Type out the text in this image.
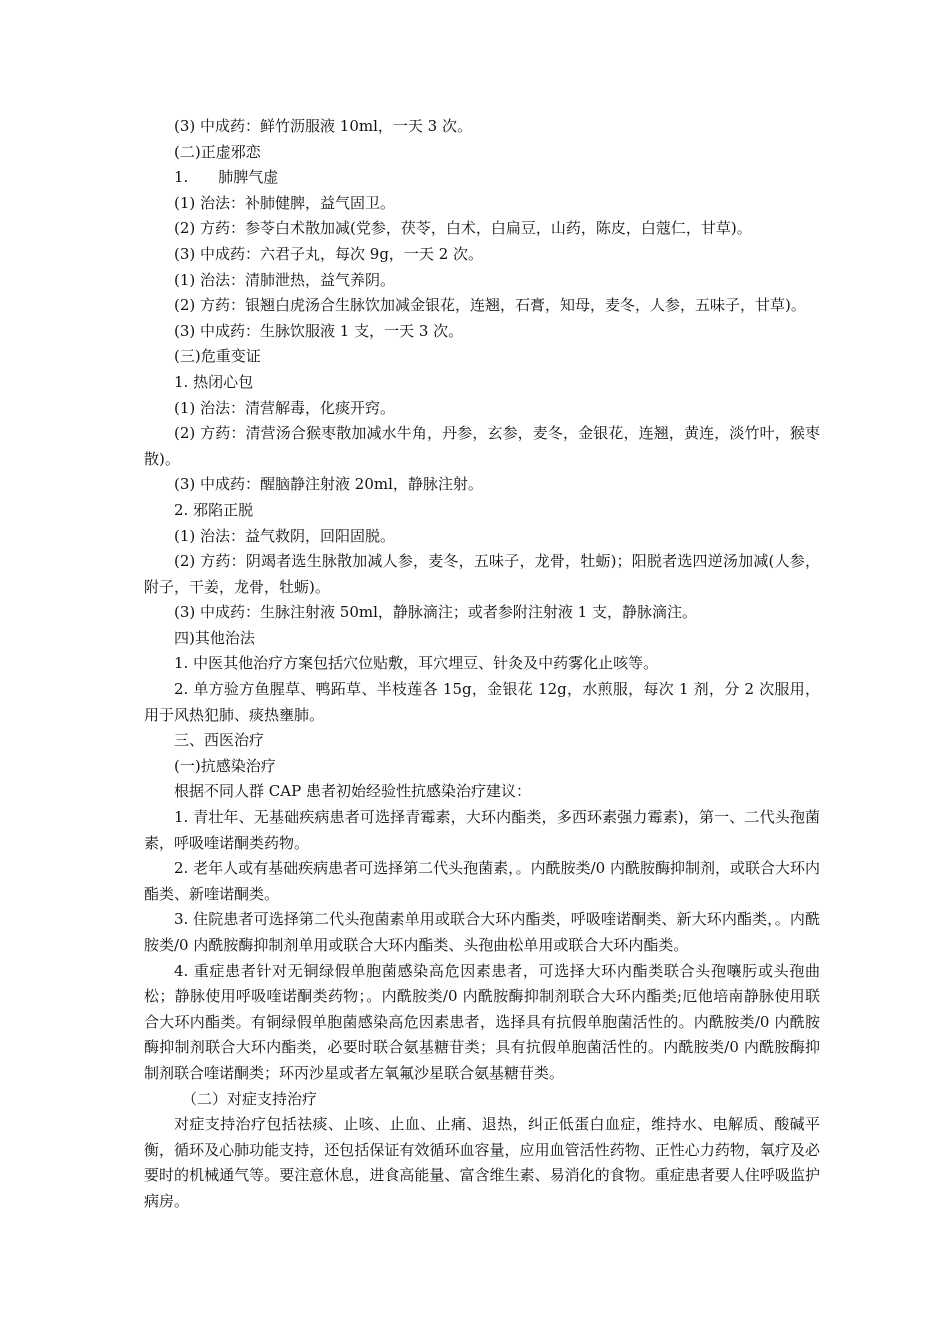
(3) 中成药：鲜竹沥服液 10ml，一天 3 次。

(二)正虚邪恋

1.　　肺脾气虚

(1) 治法：补肺健脾，益气固卫。

(2) 方药：参苓白术散加减(党参，茯苓，白术，白扁豆，山药，陈皮，白蔻仁，甘草)。

(3) 中成药：六君子丸，每次 9g，一天 2 次。

(1) 治法：清肺泄热，益气养阴。

(2) 方药：银翘白虎汤合生脉饮加减金银花，连翘，石膏，知母，麦冬，人参，五味子，甘草)。

(3) 中成药：生脉饮服液 1 支，一天 3 次。

(三)危重变证

1. 热闭心包

(1) 治法：清营解毒，化痰开窍。

(2) 方药：清营汤合猴枣散加减水牛角，丹参，玄参，麦冬，金银花，连翘，黄连，淡竹叶，猴枣散)。

(3) 中成药：醒脑静注射液 20ml，静脉注射。

2. 邪陷正脱

(1) 治法：益气救阴，回阳固脱。

(2) 方药：阴竭者选生脉散加减人参，麦冬，五味子，龙骨，牡蛎)；阳脱者选四逆汤加减(人参，附子，干姜，龙骨，牡蛎)。

(3) 中成药：生脉注射液 50ml，静脉滴注；或者参附注射液 1 支，静脉滴注。

四)其他治法

1. 中医其他治疗方案包括穴位贴敷，耳穴埋豆、针灸及中药雾化止咳等。

2. 单方验方鱼腥草、鸭跖草、半枝莲各 15g，金银花 12g，水煎服，每次 1 剂，分 2 次服用，用于风热犯肺、痰热壅肺。

三、西医治疗

(一)抗感染治疗

根据不同人群 CAP 患者初始经验性抗感染治疗建议：

1. 青壮年、无基础疾病患者可选择青霉素，大环内酯类，多西环素强力霉素)，第一、二代头孢菌素，呼吸喹诺酮类药物。

2. 老年人或有基础疾病患者可选择第二代头孢菌素，。内酰胺类/0 内酰胺酶抑制剂，或联合大环内酯类、新喹诺酮类。

3. 住院患者可选择第二代头孢菌素单用或联合大环内酯类，呼吸喹诺酮类、新大环内酯类，。内酰胺类/0 内酰胺酶抑制剂单用或联合大环内酯类、头孢曲松单用或联合大环内酯类。

4. 重症患者针对无铜绿假单胞菌感染高危因素患者，可选择大环内酯类联合头孢嚷肟或头孢曲松；静脉使用呼吸喹诺酮类药物；。内酰胺类/0 内酰胺酶抑制剂联合大环内酯类;厄他培南静脉使用联合大环内酯类。有铜绿假单胞菌感染高危因素患者，选择具有抗假单胞菌活性的。内酰胺类/0 内酰胺酶抑制剂联合大环内酯类，必要时联合氨基糖苷类；具有抗假单胞菌活性的。内酰胺类/0 内酰胺酶抑制剂联合喹诺酮类；环丙沙星或者左氧氟沙星联合氨基糖苷类。

（二）对症支持治疗

对症支持治疗包括祛痰、止咳、止血、止痛、退热，纠正低蛋白血症，维持水、电解质、酸碱平衡，循环及心肺功能支持，还包括保证有效循环血容量，应用血管活性药物、正性心力药物，氧疗及必要时的机械通气等。要注意休息，进食高能量、富含维生素、易消化的食物。重症患者要人住呼吸监护病房。
